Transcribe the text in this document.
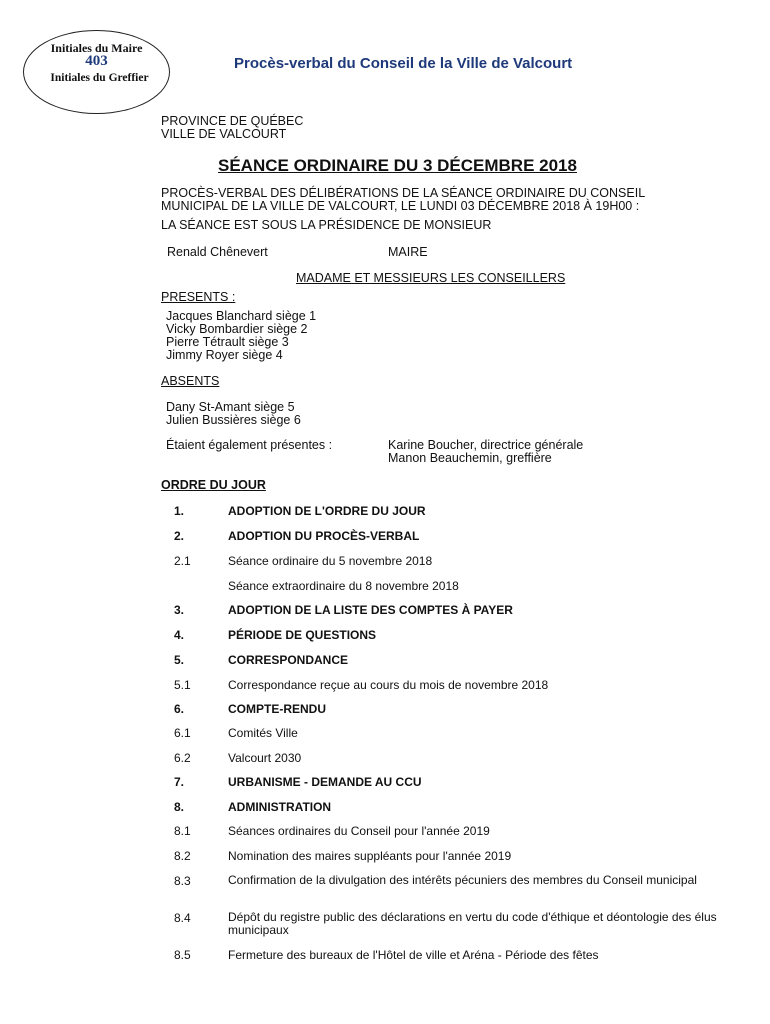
Initiales du Maire
403
Initiales du Greffier
Procès-verbal du Conseil de la Ville de Valcourt
PROVINCE DE QUÉBEC
VILLE DE VALCOURT
SÉANCE ORDINAIRE DU 3 DÉCEMBRE 2018
PROCÈS-VERBAL DES DÉLIBÉRATIONS DE LA SÉANCE ORDINAIRE DU CONSEIL
MUNICIPAL DE LA VILLE DE VALCOURT, LE LUNDI 03 DÉCEMBRE 2018 À 19H00 :
LA SÉANCE EST SOUS LA PRÉSIDENCE DE MONSIEUR
Renald Chênevert	MAIRE
MADAME ET MESSIEURS LES CONSEILLERS
PRESENTS :
Jacques Blanchard siège 1
Vicky Bombardier siège 2
Pierre Tétrault siège 3
Jimmy Royer siège 4
ABSENTS
Dany St-Amant siège 5
Julien Bussières siège 6
Étaient également présentes :	Karine Boucher, directrice générale
Manon Beauchemin, greffière
ORDRE DU JOUR
1.	ADOPTION DE L'ORDRE DU JOUR
2.	ADOPTION DU PROCÈS-VERBAL
2.1	Séance ordinaire du 5 novembre 2018
Séance extraordinaire du 8 novembre 2018
3.	ADOPTION DE LA LISTE DES COMPTES À PAYER
4.	PÉRIODE DE QUESTIONS
5.	CORRESPONDANCE
5.1	Correspondance reçue au cours du mois de novembre 2018
6.	COMPTE-RENDU
6.1	Comités Ville
6.2	Valcourt 2030
7.	URBANISME - DEMANDE AU CCU
8.	ADMINISTRATION
8.1	Séances ordinaires du Conseil pour l'année 2019
8.2	Nomination des maires suppléants pour l'année 2019
8.3	Confirmation de la divulgation des intérêts pécuniers des membres du Conseil municipal
8.4	Dépôt du registre public des déclarations en vertu du code d'éthique et déontologie des élus municipaux
8.5	Fermeture des bureaux de l'Hôtel de ville et Aréna - Période des fêtes
